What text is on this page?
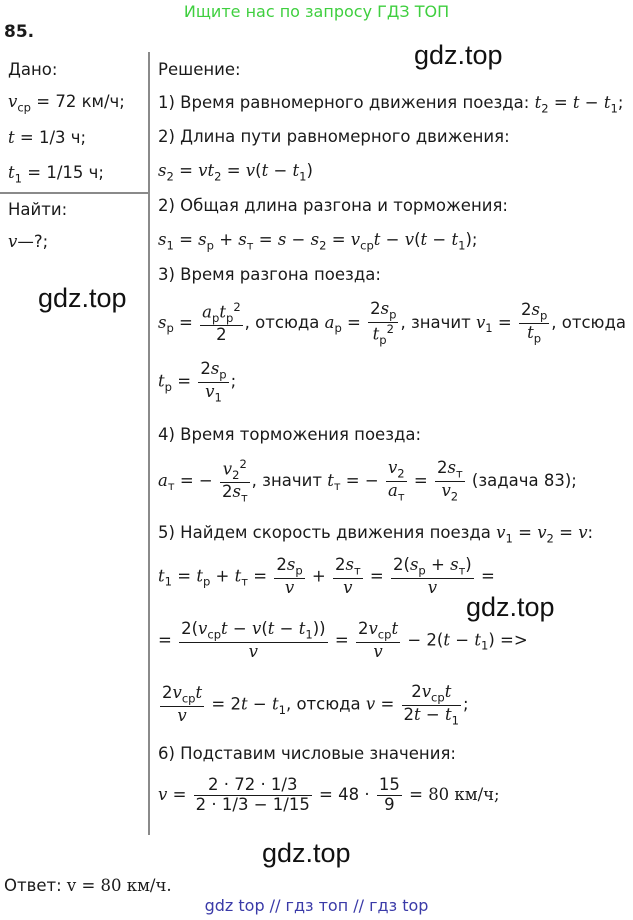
Ищите нас по запросу ГДЗ ТОП
85.
Дано:
$v_{ср} = 72$ км/ч;
t = 1/3 ч;
$t_1 = 1/15$ ч;
Найти:
v—?;
Решение:
1) Время равномерного движения поезда: $t_2 = t - t_1$;
2) Длина пути равномерного движения:
$s_2 = vt_2 = v(t - t_1)$
2) Общая длина разгона и торможения:
$s_1 = s_р + s_т = s - s_2 = v_{ср}t - v(t - t_1)$;
3) Время разгона поезда:
$s_р = \frac{a_рt_р^2}{2}$ , отсюда $a_р = \frac{2s_р}{t_р^2}$ , значит $v_1 = \frac{2s_р}{t_р}$ , отсюда
$t_р = \frac{2s_р}{v_1}$ ;
4) Время торможения поезда:
$a_т$ = − $\frac{v_2^2}{2s_т}$ , значит $t_т$ = − $\frac{v_2}{a_т} = \frac{2s_т}{v_2}$ (задача 83);
5) Найдем скорость движения поезда $v_1 = v_2 = v$:
$t_1 = t_р + t_т = \frac{2s_р}{v} + \frac{2s_т}{v} = \frac{2(s_р + s_т)}{v}$ =
= $\frac{2(v_{ср}t - v(t - t_1))}{v} = \frac{2v_{ср}t}{v} - 2(t - t_1)$ =>
$\frac{2v_{ср}t}{v} = 2t - t_1$, отсюда $v = \frac{2v_{ср}t}{2t - t_1}$ ;
6) Подставим числовые значения:
$v = \frac{2 \cdot 72 \cdot 1/3}{2 \cdot 1/3 - 1/15} = 48 \cdot \frac{15}{9} = 80$ км/ч;
Ответ: v = 80 км/ч.
gdz.top
gdz.top
gdz.top
gdz.top
gdz top // гдз топ // гдз top
